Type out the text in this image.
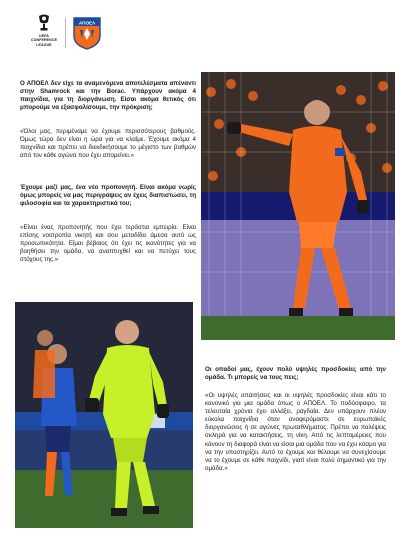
UEFA
CONFERENCE
LEAGUE
ΑΠΟΕΛ

Ο ΑΠΟΕΛ δεν είχε τα αναμενόμενα αποτελέσματα απέναντι στην Shamrock και την Borac. Υπάρχουν ακόμα 4 παιχνίδια, για τη διοργάνωση. Είσαι ακόμα θετικός ότι μπορούμε να εξασφαλίσουμε, την πρόκριση;

«Όλοι μας, περιμέναμε να έχουμε περισσότερους βαθμούς. Όμως τώρα δεν είναι η ώρα για να κλαίμε. Έχουμε ακόμα 4 παιχνίδια και πρέπει να διεκδικήσουμε το μέγιστο των βαθμών από τον κάθε αγώνα που έχει απομείνει.»

Έχουμε μαζί μας, ένα νέο προπονητή. Είναι ακόμα νωρίς όμως μπορείς να μας περιγράψεις αν έχεις διαπιστώσει, τη φιλοσοφία και τα χαρακτηριστικά του;

«Είναι ένας προπονητής που έχει τεράστια εμπειρία. Είναι επίσης νοοτροπία νικητή και σου μεταδίδει άμεσα αυτό ως προσωπικότητα. Είμαι βέβαιος ότι έχει τις ικανότητες για να βοηθήσει την ομάδα, να αναπτυχθεί και να πετύχει τους στόχους της.»

Οι οπαδοί μας, έχουν πολύ υψηλές προσδοκίες από την ομάδα. Τι μπορείς να τους πεις;

«Οι υψηλές απαιτήσεις και οι υψηλές προσδοκίες είναι κάτι το κανονικό για μια ομάδα όπως ο ΑΠΟΕΛ. Το ποδόσφαιρο, τα τελευταία χρόνια έχει αλλάξει, ραγδαία. Δεν υπάρχουν πλέον εύκολα παιχνίδια όταν αναφερόμαστε σε ευρωπαϊκές διοργανώσεις ή σε αγώνες πρωταθλήματος. Πρέπει να παλέψεις σκληρά για να κατακτήσεις, τη νίκη. Από τις λεπτομέρειες που κάνουν τη διαφορά είναι να είσαι μια ομάδα που να έχει κόσμο για να την υποστηρίζει. Αυτό το έχουμε και θέλουμε να συνεχίσουμε να το έχουμε σε κάθε παιχνίδι, γιατί είναι πολύ σημαντικό για την ομάδα.»
